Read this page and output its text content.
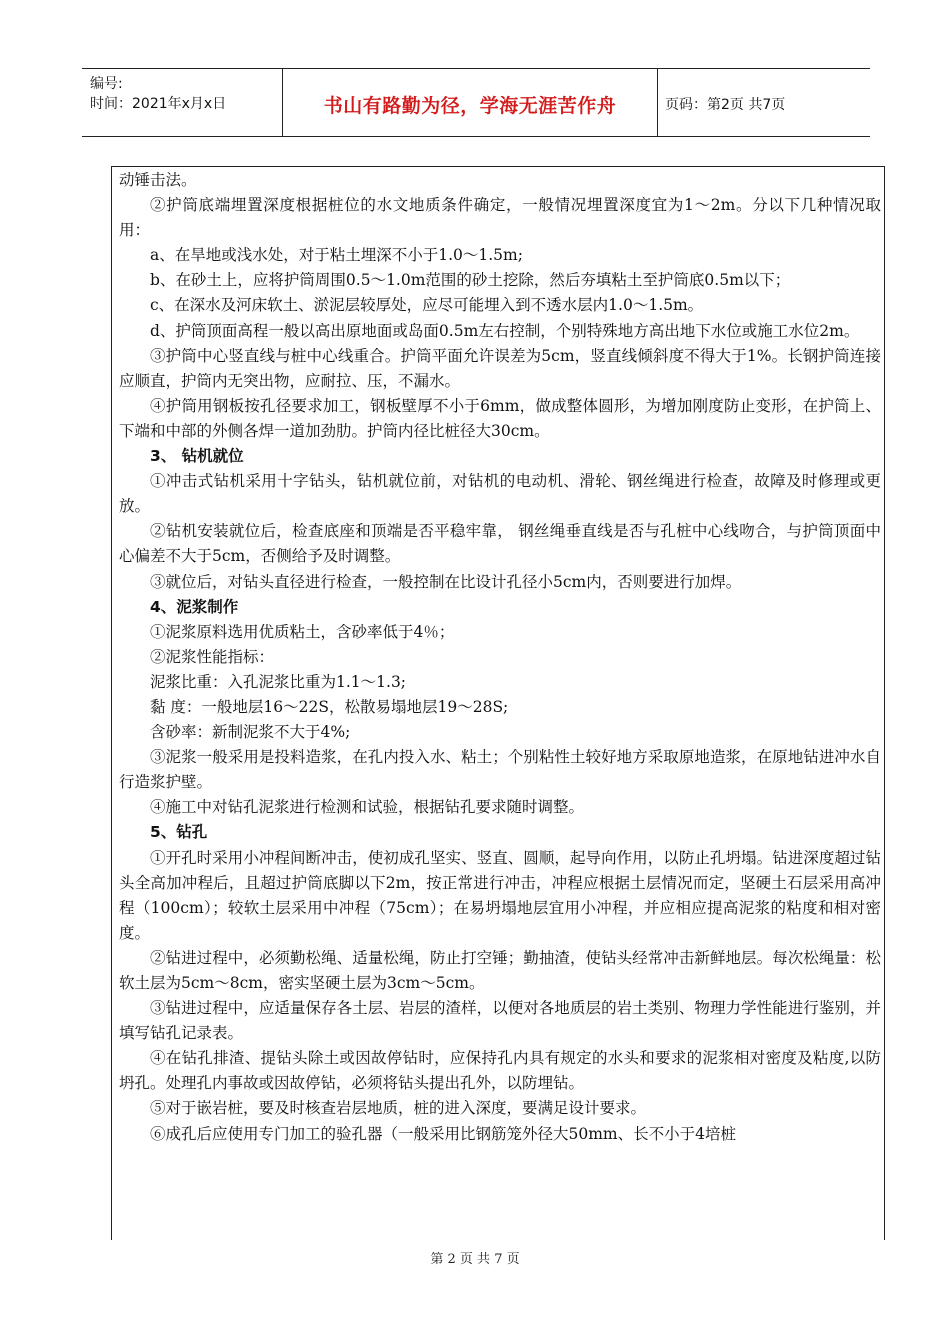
编号:
时间：2021年x月x日	书山有路勤为径，学海无涯苦作舟	页码：第2页 共7页

动锤击法。

②护筒底端埋置深度根据桩位的水文地质条件确定，一般情况埋置深度宜为1～2m。分以下几种情况取用：

a、在旱地或浅水处，对于粘土埋深不小于1.0～1.5m;

b、在砂土上，应将护筒周围0.5～1.0m范围的砂土挖除，然后夯填粘土至护筒底0.5m以下；

c、在深水及河床软土、淤泥层较厚处，应尽可能埋入到不透水层内1.0～1.5m。

d、护筒顶面高程一般以高出原地面或岛面0.5m左右控制，个别特殊地方高出地下水位或施工水位2m。

③护筒中心竖直线与桩中心线重合。护筒平面允许误差为5cm，竖直线倾斜度不得大于1%。长钢护筒连接应顺直，护筒内无突出物，应耐拉、压，不漏水。

④护筒用钢板按孔径要求加工，钢板壁厚不小于6mm，做成整体圆形，为增加刚度防止变形，在护筒上、下端和中部的外侧各焊一道加劲肋。护筒内径比桩径大30cm。

3、 钻机就位

①冲击式钻机采用十字钻头，钻机就位前，对钻机的电动机、滑轮、钢丝绳进行检查，故障及时修理或更放。

②钻机安装就位后，检查底座和顶端是否平稳牢靠， 钢丝绳垂直线是否与孔桩中心线吻合，与护筒顶面中心偏差不大于5cm，否侧给予及时调整。

③就位后，对钻头直径进行检查，一般控制在比设计孔径小5cm内，否则要进行加焊。

4、泥浆制作

①泥浆原料选用优质粘土，含砂率低于4％；

②泥浆性能指标：

泥浆比重：入孔泥浆比重为1.1～1.3;

黏 度：一般地层16～22S，松散易塌地层19～28S;

含砂率：新制泥浆不大于4%;

③泥浆一般采用是投料造浆，在孔内投入水、粘土；个别粘性土较好地方采取原地造浆，在原地钻进冲水自行造浆护壁。

④施工中对钻孔泥浆进行检测和试验，根据钻孔要求随时调整。

5、钻孔

①开孔时采用小冲程间断冲击，使初成孔坚实、竖直、圆顺，起导向作用，以防止孔坍塌。钻进深度超过钻头全高加冲程后，且超过护筒底脚以下2m，按正常进行冲击，冲程应根据土层情况而定，坚硬土石层采用高冲程（100cm）；较软土层采用中冲程（75cm）；在易坍塌地层宜用小冲程，并应相应提高泥浆的粘度和相对密度。

②钻进过程中，必须勤松绳、适量松绳，防止打空锤；勤抽渣，使钻头经常冲击新鲜地层。每次松绳量：松软土层为5cm～8cm，密实坚硬土层为3cm～5cm。

③钻进过程中，应适量保存各土层、岩层的渣样，以便对各地质层的岩土类别、物理力学性能进行鉴别，并填写钻孔记录表。

④在钻孔排渣、提钻头除土或因故停钻时，应保持孔内具有规定的水头和要求的泥浆相对密度及粘度,以防坍孔。处理孔内事故或因故停钻，必须将钻头提出孔外，以防埋钻。

⑤对于嵌岩桩，要及时核查岩层地质，桩的进入深度，要满足设计要求。

⑥成孔后应使用专门加工的验孔器（一般采用比钢筋笼外径大50mm、长不小于4培桩

第 2 页 共 7 页
